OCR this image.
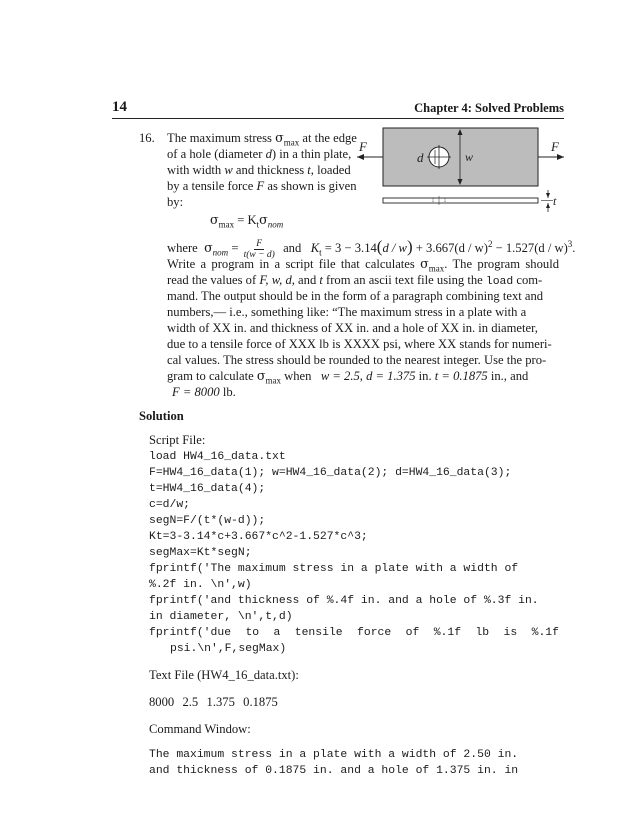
14	Chapter 4: Solved Problems
16. The maximum stress $\sigma_{max}$ at the edge
of a hole (diameter d) in a thin plate,
with width w and thickness t, loaded
by a tensile force F as shown is given
by:
$\sigma_{max} = K_t\sigma_{nom}$
where $\sigma_{nom} = \frac{F}{t(w - d)}$ and $K_t = 3 - 3.14(d / w) + 3.667(d / w)^2 - 1.527(d / w)^3$.
Write a program in a script file that calculates $\sigma_{max}$. The program should
read the values of F, w, d, and t from an ascii text file using the load com-
mand. The output should be in the form of a paragraph combining text and
numbers,— i.e., something like: “The maximum stress in a plate with a
width of XX in. and thickness of XX in. and a hole of XX in. in diameter,
due to a tensile force of XXX lb is XXXX psi, where XX stands for numeri-
cal values. The stress should be rounded to the nearest integer. Use the pro-
gram to calculate $\sigma_{max}$ when   w = 2.5, d = 1.375 in. t = 0.1875 in., and
F = 8000 lb.
F	F
d	w
t
Solution
Script File:
load HW4_16_data.txt
F=HW4_16_data(1); w=HW4_16_data(2); d=HW4_16_data(3);
t=HW4_16_data(4);
c=d/w;
segN=F/(t*(w-d));
Kt=3-3.14*c+3.667*c^2-1.527*c^3;
segMax=Kt*segN;
fprintf('The maximum stress in a plate with a width of
%.2f in. \n',w)
fprintf('and thickness of %.4f in. and a hole of %.3f in.
in diameter, \n',t,d)
fprintf('due to a tensile force of %.1f lb is %.1f
psi.\n',F,segMax)
Text File (HW4_16_data.txt):
8000  2.5  1.375  0.1875
Command Window:
The maximum stress in a plate with a width of 2.50 in.
and thickness of 0.1875 in. and a hole of 1.375 in. in
